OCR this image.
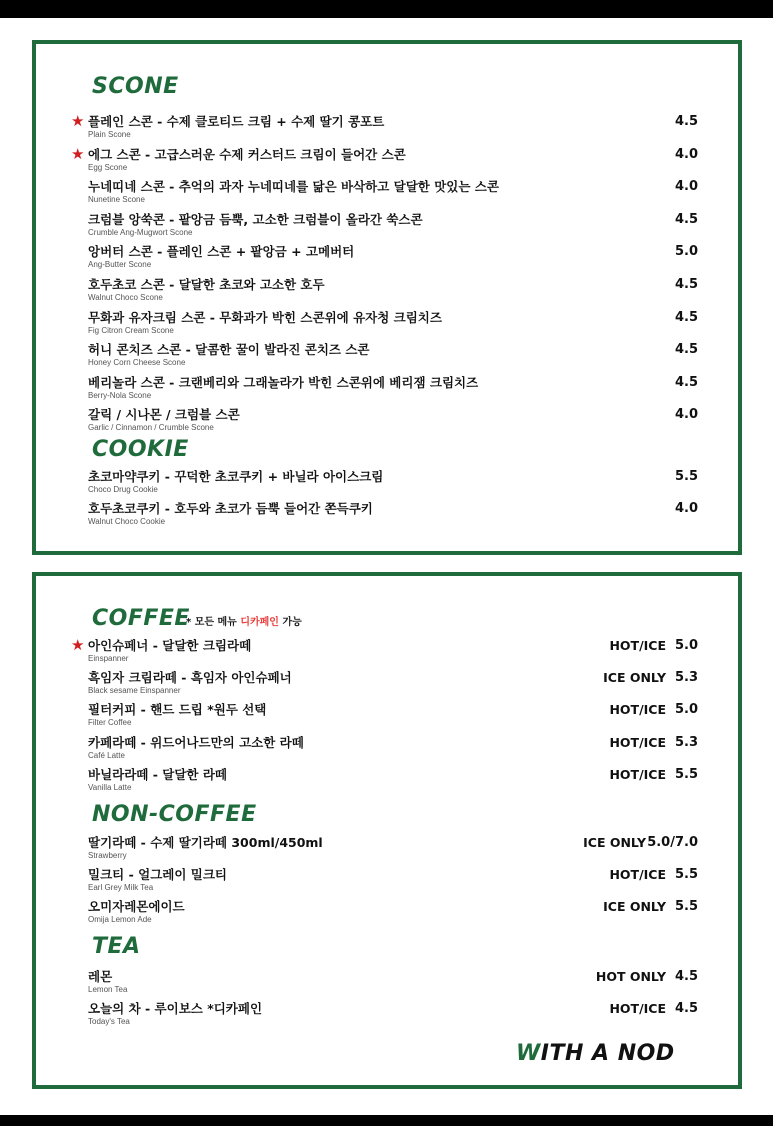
SCONE
★ 플레인 스콘 - 수제 클로티드 크림 + 수제 딸기 콩포트
Plain Scone
4.5
★ 에그 스콘 - 고급스러운 수제 커스터드 크림이 들어간 스콘
Egg Scone
4.0
누네띠네 스콘 - 추억의 과자 누네띠네를 닮은 바삭하고 달달한 맛있는 스콘
Nunetine Scone
4.0
크럼블 앙쑥콘 - 팥앙금 듬뿍, 고소한 크럼블이 올라간 쑥스콘
Crumble Ang-Mugwort Scone
4.5
앙버터 스콘 - 플레인 스콘 + 팥앙금 + 고메버터
Ang-Butter Scone
5.0
호두초코 스콘 - 달달한 초코와 고소한 호두
Walnut Choco Scone
4.5
무화과 유자크림 스콘 - 무화과가 박힌 스콘위에 유자청 크림치즈
Fig Citron Cream Scone
4.5
허니 콘치즈 스콘 - 달콤한 꿀이 발라진 콘치즈 스콘
Honey Corn Cheese Scone
4.5
베리놀라 스콘 - 크랜베리와 그래놀라가 박힌 스콘위에 베리잼 크림치즈
Berry-Nola Scone
4.5
갈릭 / 시나몬 / 크럼블 스콘
Garlic / Cinnamon / Crumble Scone
4.0
COOKIE
초코마약쿠키 - 꾸덕한 초코쿠키 + 바닐라 아이스크림
Choco Drug Cookie
5.5
호두초코쿠키 - 호두와 초코가 듬뿍 들어간 쫀득쿠키
Walnut Choco Cookie
4.0
COFFEE
* 모든 메뉴 디카페인 가능
★ 아인슈페너 - 달달한 크림라떼
Einspanner
HOT/ICE 5.0
흑임자 크림라떼 - 흑임자 아인슈페너
Black sesame Einspanner
ICE ONLY 5.3
필터커피 - 핸드 드립 *원두 선택
Filter Coffee
HOT/ICE 5.0
카페라떼 - 위드어나드만의 고소한 라떼
Café Latte
HOT/ICE 5.3
바닐라라떼 - 달달한 라떼
Vanilla Latte
HOT/ICE 5.5
NON-COFFEE
딸기라떼 - 수제 딸기라떼 300ml/450ml
Strawberry
ICE ONLY 5.0/7.0
밀크티 - 얼그레이 밀크티
Earl Grey Milk Tea
HOT/ICE 5.5
오미자레몬에이드
Omija Lemon Ade
ICE ONLY 5.5
TEA
레몬
Lemon Tea
HOT ONLY 4.5
오늘의 차 - 루이보스 *디카페인
Today's Tea
HOT/ICE 4.5
WITH A NOD
